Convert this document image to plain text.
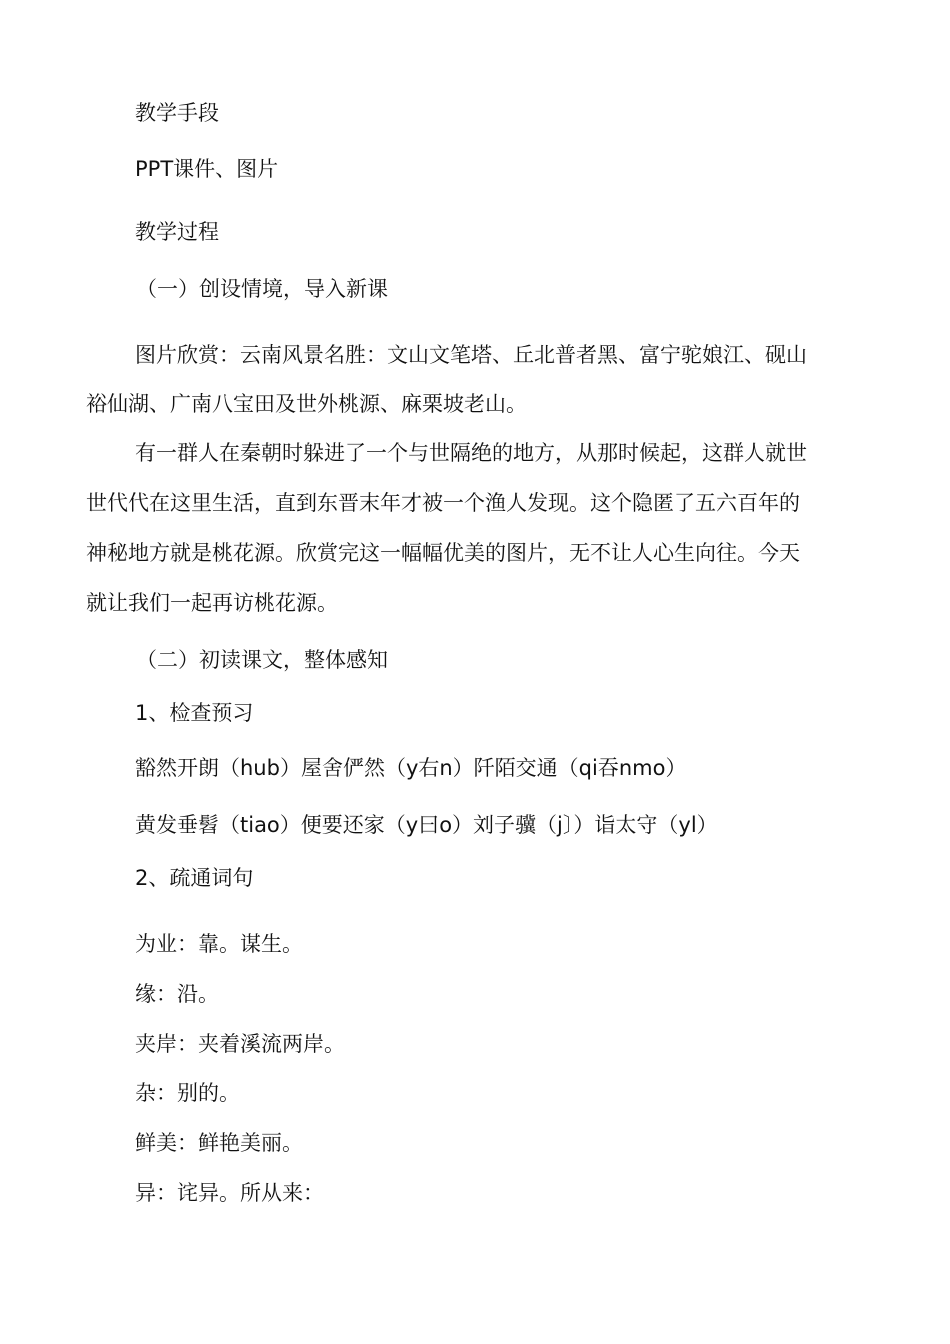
教学手段
PPT课件、图片
教学过程
（一）创设情境，导入新课
图片欣赏：云南风景名胜：文山文笔塔、丘北普者黑、富宁驼娘江、砚山
裕仙湖、广南八宝田及世外桃源、麻栗坡老山。
有一群人在秦朝时躲进了一个与世隔绝的地方，从那时候起，这群人就世
世代代在这里生活，直到东晋末年才被一个渔人发现。这个隐匿了五六百年的
神秘地方就是桃花源。欣赏完这一幅幅优美的图片，无不让人心生向往。今天
就让我们一起再访桃花源。
（二）初读课文，整体感知
1、检查预习
豁然开朗（hub）屋舍俨然（y右n）阡陌交通（qi吞nmo）
黄发垂髫（tiao）便要还家（y曰o）刘子骥（j〕）诣太守（yl）
2、疏通词句
为业：靠。谋生。
缘：沿。
夹岸：夹着溪流两岸。
杂：别的。
鲜美：鲜艳美丽。
异：诧异。所从来：
